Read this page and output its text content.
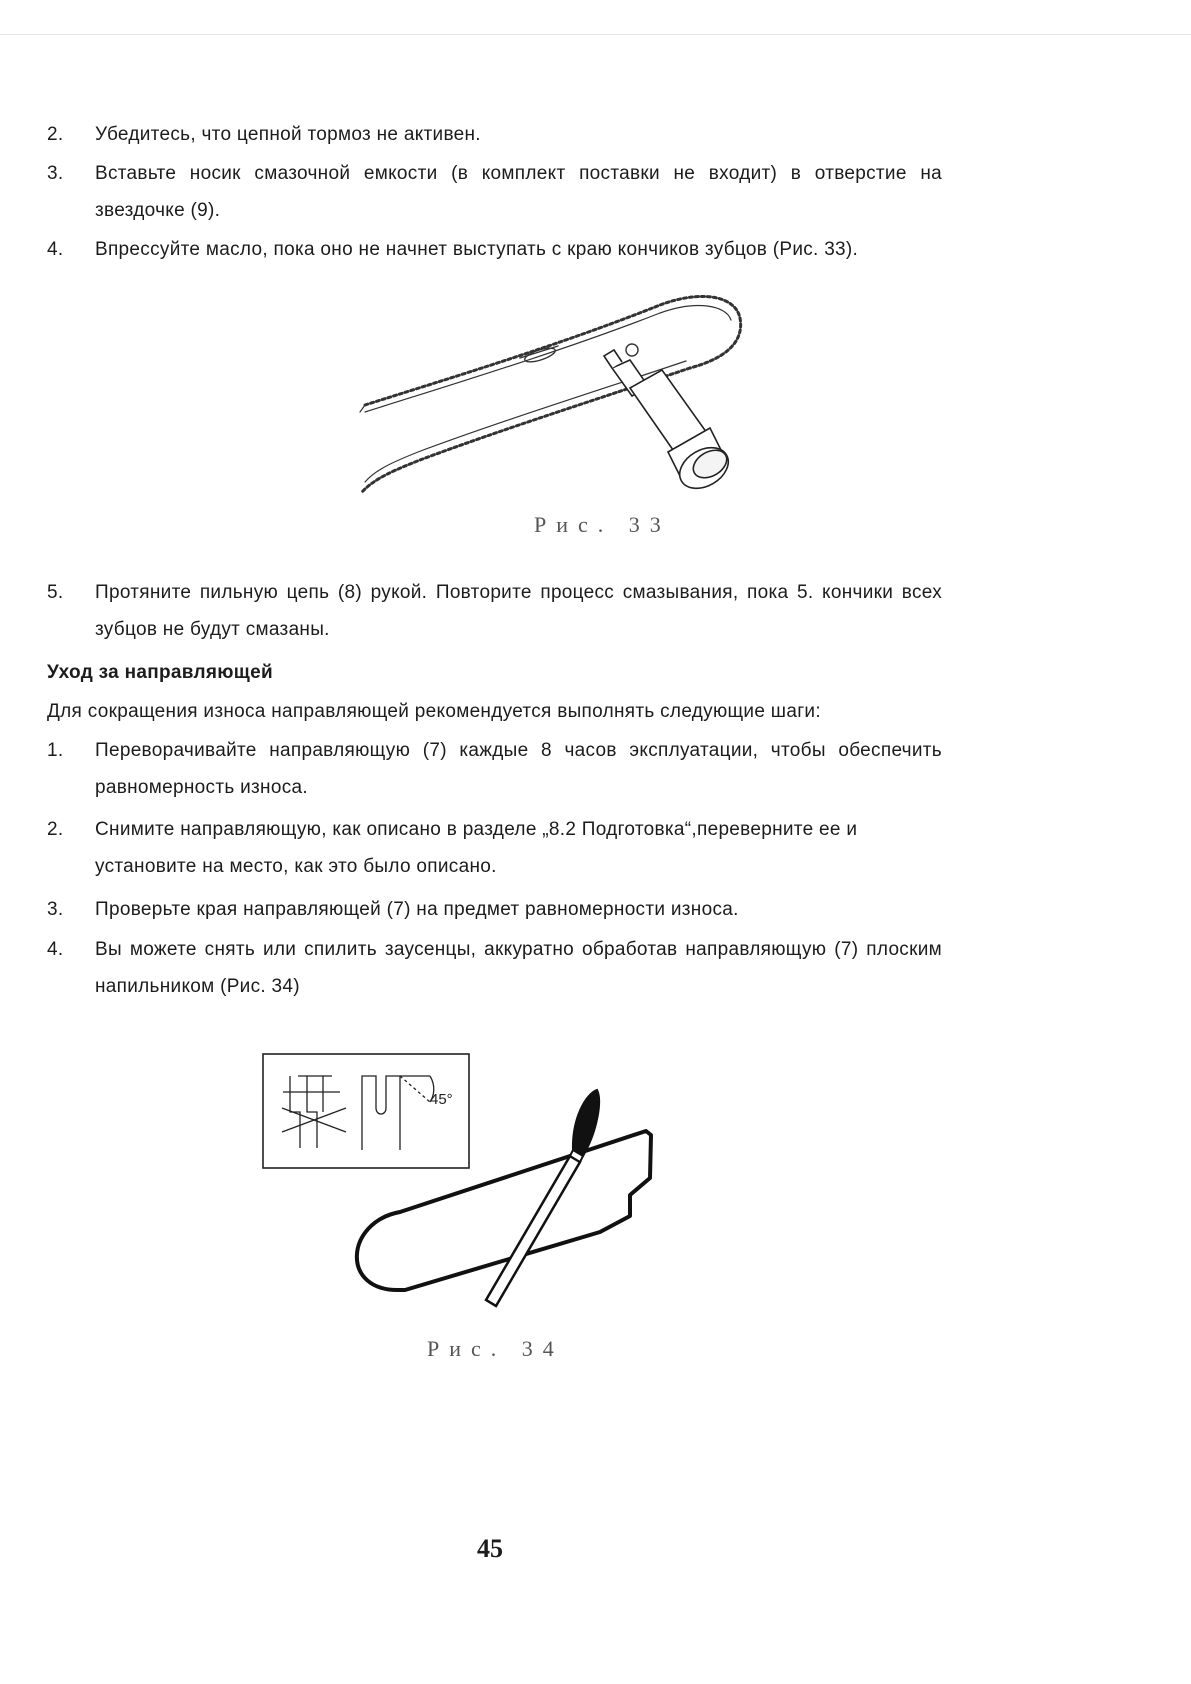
2.	Убедитесь, что цепной тормоз не активен.
3.	Вставьте носик смазочной емкости (в комплект поставки не входит) в отверстие на звездочке (9).
4.	Впрессуйте масло, пока оно не начнет выступать с краю кончиков зубцов (Рис. 33).
Рис. 33
5.	Протяните пильную цепь (8) рукой. Повторите процесс смазывания, пока 5. кончики всех зубцов не будут смазаны.
Уход за направляющей
Для сокращения износа направляющей рекомендуется выполнять следующие шаги:
1.	Переворачивайте направляющую (7) каждые 8 часов эксплуатации, чтобы обеспечить равномерность износа.
2.	Снимите направляющую, как описано в разделе „8.2 Подготовка“,переверните ее и установите на место, как это было описано.
3.	Проверьте края направляющей (7) на предмет равномерности износа.
4.	Вы можете снять или спилить заусенцы, аккуратно обработав направляющую (7) плоским напильником (Рис. 34)
45°
Рис. 34
45
